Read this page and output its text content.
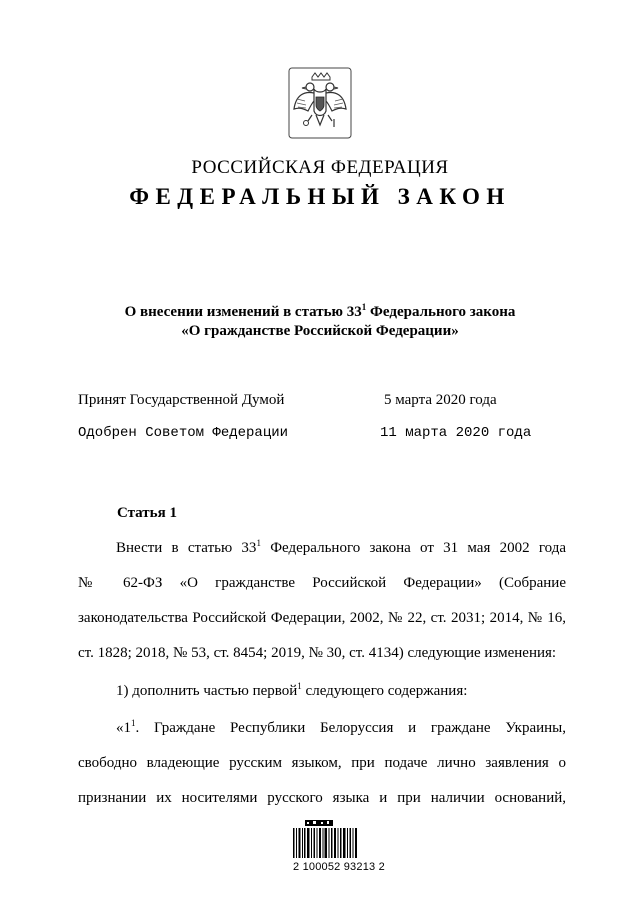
РОССИЙСКАЯ ФЕДЕРАЦИЯ
ФЕДЕРАЛЬНЫЙ ЗАКОН
О внесении изменений в статью $33^1$ Федерального закона
«О гражданстве Российской Федерации»
Принят Государственной Думой	5 марта 2020 года
Одобрен Советом Федерации	11 марта 2020 года
Статья 1
Внести в статью $33^1$ Федерального закона от 31 мая 2002 года
№ 62-ФЗ «О гражданстве Российской Федерации» (Собрание
законодательства Российской Федерации, 2002, № 22, ст. 2031; 2014, № 16,
ст. 1828; 2018, № 53, ст. 8454; 2019, № 30, ст. 4134) следующие изменения:
1) дополнить частью первой$^1$ следующего содержания:
«$1^1$. Граждане Республики Белоруссия и граждане Украины,
свободно владеющие русским языком, при подаче лично заявления о
признании их носителями русского языка и при наличии оснований,
2 100052 93213 2
